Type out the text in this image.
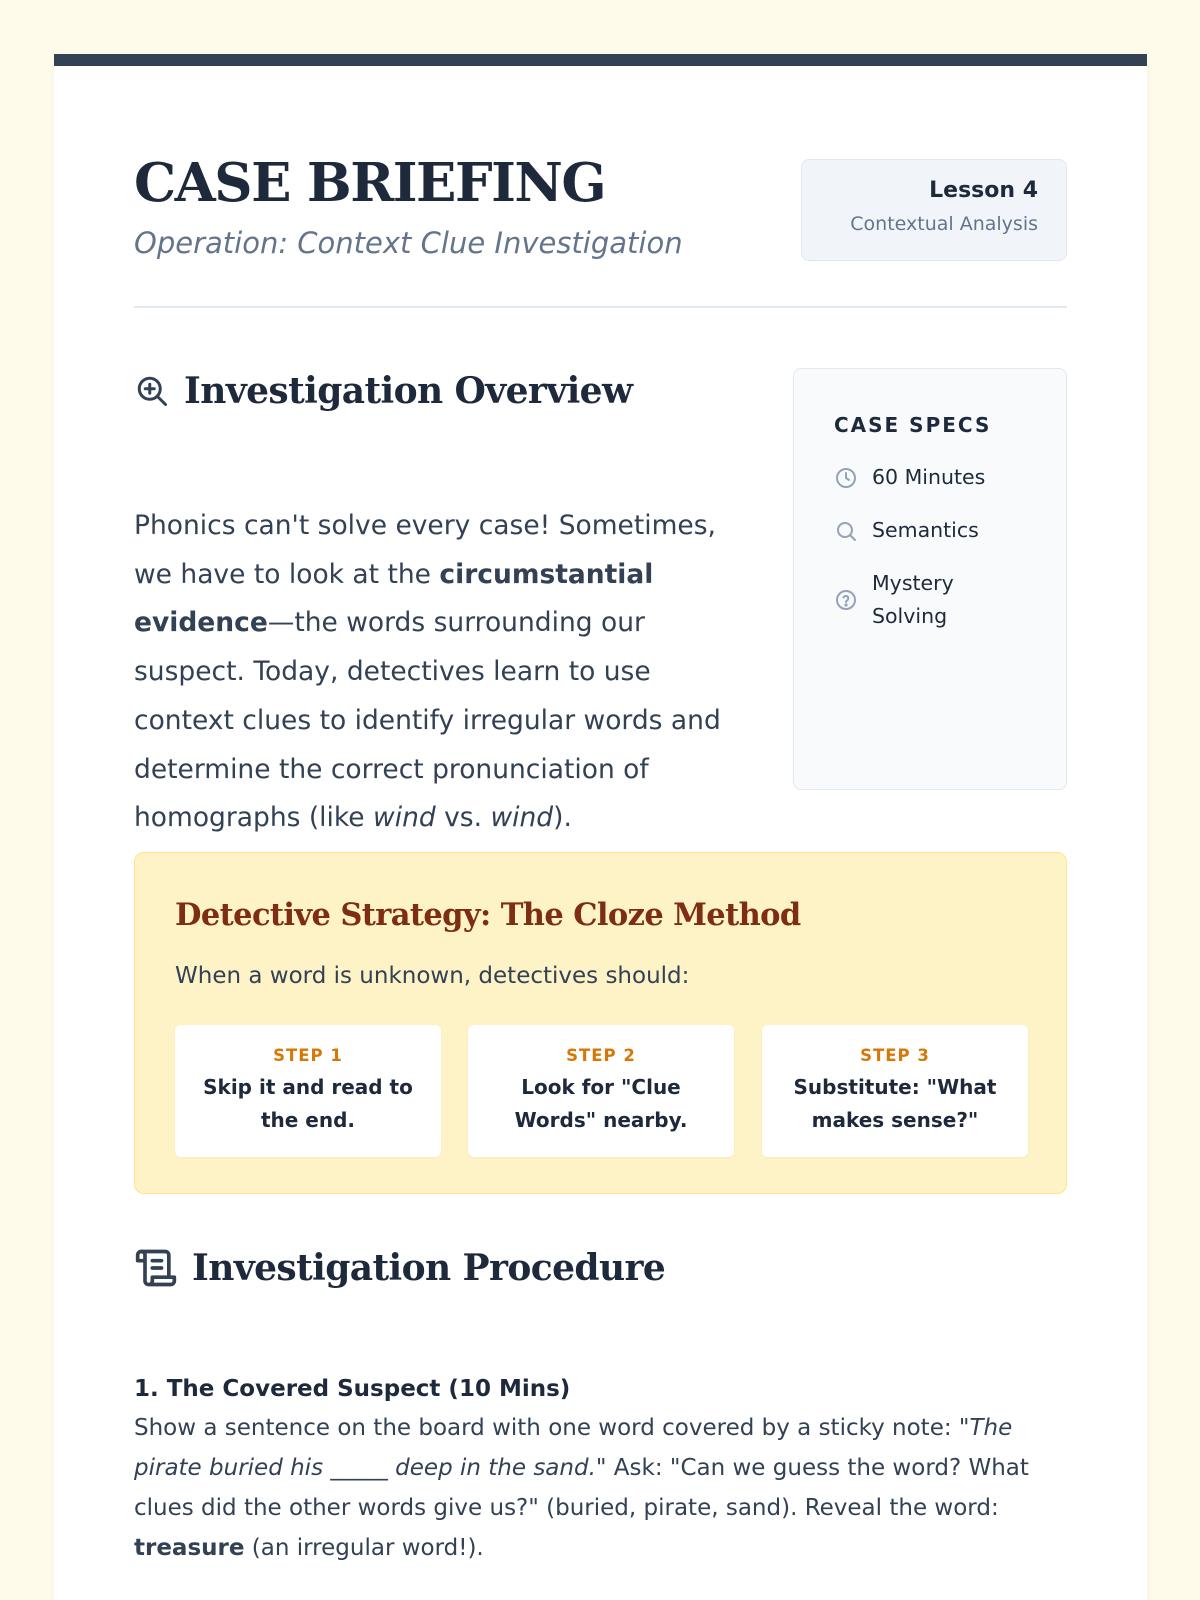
CASE BRIEFING
Operation: Context Clue Investigation
Lesson 4
Contextual Analysis
Investigation Overview

Phonics can't solve every case! Sometimes, we have to look at the circumstantial evidence—the words surrounding our suspect. Today, detectives learn to use context clues to identify irregular words and determine the correct pronunciation of homographs (like wind vs. wind).

CASE SPECS
60 Minutes
Semantics
Mystery Solving
Detective Strategy: The Cloze Method
When a word is unknown, detectives should:
STEP 1
Skip it and read to the end.
STEP 2
Look for "Clue Words" nearby.
STEP 3
Substitute: "What makes sense?"
Investigation Procedure
1. The Covered Suspect (10 Mins)

Show a sentence on the board with one word covered by a sticky note: "The pirate buried his _____ deep in the sand." Ask: "Can we guess the word? What clues did the other words give us?" (buried, pirate, sand). Reveal the word: treasure (an irregular word!).
